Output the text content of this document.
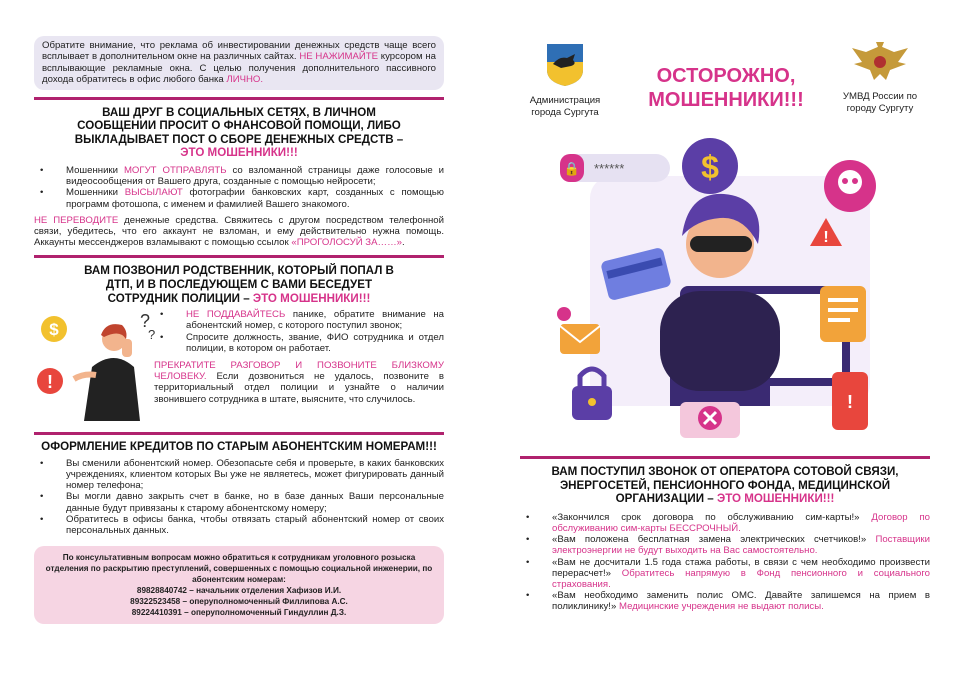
Обратите внимание, что реклама об инвестировании денежных средств чаще всего всплывает в дополнительном окне на различных сайтах. НЕ НАЖИМАЙТЕ курсором на всплывающие рекламные окна. С целью получения дополнительного пассивного дохода обратитесь в офис любого банка ЛИЧНО.
ВАШ ДРУГ В СОЦИАЛЬНЫХ СЕТЯХ, В ЛИЧНОМ СООБЩЕНИИ ПРОСИТ О ФНАНСОВОЙ ПОМОЩИ, ЛИБО ВЫКЛАДЫВАЕТ ПОСТ О СБОРЕ ДЕНЕЖНЫХ СРЕДСТВ – ЭТО МОШЕННИКИ!!!
•	Мошенники МОГУТ ОТПРАВЛЯТЬ со взломанной страницы даже голосовые и видеосообщения от Вашего друга, созданные с помощью нейросети;
•	Мошенники ВЫСЫЛАЮТ фотографии банковских карт, созданных с помощью программ фотошопа, с именем и фамилией Вашего знакомого.
НЕ ПЕРЕВОДИТЕ денежные средства. Свяжитесь с другом посредством телефонной связи, убедитесь, что его аккаунт не взломан, и ему действительно нужна помощь. Аккаунты мессенджеров взламывают с помощью ссылок «ПРОГОЛОСУЙ ЗА……».
ВАМ ПОЗВОНИЛ РОДСТВЕННИК, КОТОРЫЙ ПОПАЛ В ДТП, И В ПОСЛЕДУЮЩЕМ С ВАМИ БЕСЕДУЕТ СОТРУДНИК ПОЛИЦИИ – ЭТО МОШЕННИКИ!!!
$	?
?
!
•	НЕ ПОДДАВАЙТЕСЬ панике, обратите внимание на абонентский номер, с которого поступил звонок;
•	Спросите должность, звание, ФИО сотрудника и отдел полиции, в котором он работает.
ПРЕКРАТИТЕ РАЗГОВОР И ПОЗВОНИТЕ БЛИЗКОМУ ЧЕЛОВЕКУ. Если дозвониться не удалось, позвоните в территориальный отдел полиции и узнайте о наличии звонившего сотрудника в штате, выясните, что случилось.
ОФОРМЛЕНИЕ КРЕДИТОВ ПО СТАРЫМ АБОНЕНТСКИМ НОМЕРАМ!!!
•	Вы сменили абонентский номер. Обезопасьте себя и проверьте, в каких банковских учреждениях, клиентом которых Вы уже не являетесь, может фигурировать данный номер телефона;
•	Вы могли давно закрыть счет в банке, но в базе данных Ваши персональные данные будут привязаны к старому абонентскому номеру;
•	Обратитесь в офисы банка, чтобы отвязать старый абонентский номер от своих персональных данных.
По консультативным вопросам можно обратиться к сотрудникам уголовного розыска отделения по раскрытию преступлений, совершенных с помощью социальной инженерии, по абонентским номерам:
89828840742 – начальник отделения Хафизов И.И.
89322523458 – оперуполномоченный Филлипова А.С.
89224410391 – оперуполномоченный Гиндуллин Д.З.
Администрация города Сургута
ОСТОРОЖНО,
МОШЕННИКИ!!!	УМВД России по городу Сургуту
🔒 ****** $
!
!
ВАМ ПОСТУПИЛ ЗВОНОК ОТ ОПЕРАТОРА СОТОВОЙ СВЯЗИ, ЭНЕРГОСЕТЕЙ, ПЕНСИОННОГО ФОНДА, МЕДИЦИНСКОЙ ОРГАНИЗАЦИИ – ЭТО МОШЕННИКИ!!!
•	«Закончился срок договора по обслуживанию сим-карты!» Договор по обслуживанию сим-карты БЕССРОЧНЫЙ.
•	«Вам положена бесплатная замена электрических счетчиков!» Поставщики электроэнергии не будут выходить на Вас самостоятельно.
•	«Вам не досчитали 1.5 года стажа работы, в связи с чем необходимо произвести перерасчет!» Обратитесь напрямую в Фонд пенсионного и социального страхования.
•	«Вам необходимо заменить полис ОМС. Давайте запишемся на прием в поликлинику!» Медицинские учреждения не выдают полисы.
